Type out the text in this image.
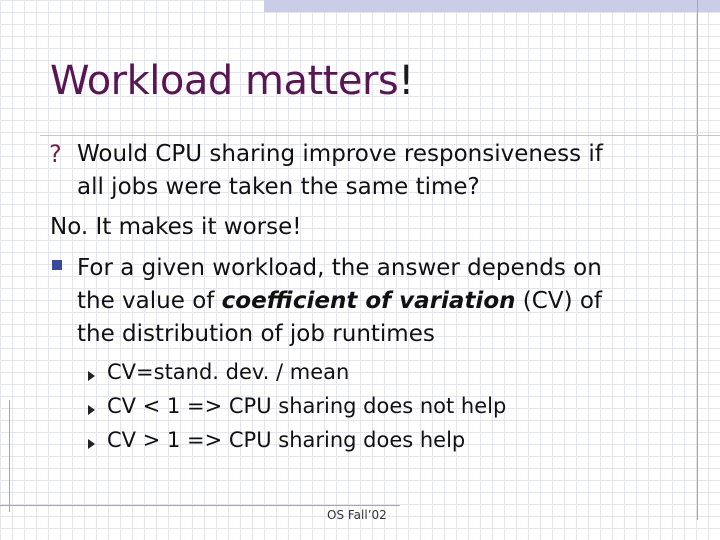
Workload matters!
? Would CPU sharing improve responsiveness if
all jobs were taken the same time?
No. It makes it worse!
For a given workload, the answer depends on
the value of coefficient of variation (CV) of
the distribution of job runtimes
CV=stand. dev. / mean
CV < 1 => CPU sharing does not help
CV > 1 => CPU sharing does help
OS Fall’02
